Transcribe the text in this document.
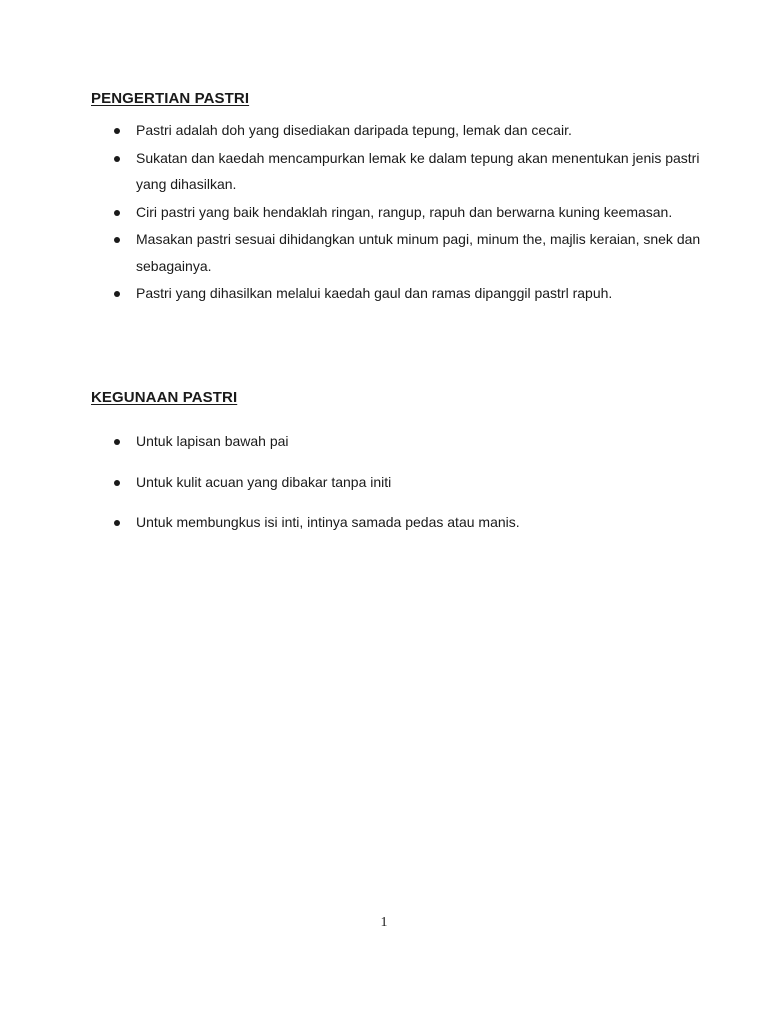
PENGERTIAN PASTRI
Pastri adalah doh yang disediakan daripada tepung, lemak dan cecair.
Sukatan dan kaedah mencampurkan lemak ke dalam tepung akan menentukan jenis pastri yang dihasilkan.
Ciri pastri yang baik hendaklah ringan, rangup, rapuh dan berwarna kuning keemasan.
Masakan pastri sesuai dihidangkan untuk minum pagi, minum the, majlis keraian, snek dan sebagainya.
Pastri yang dihasilkan melalui kaedah gaul dan ramas dipanggil pastrl rapuh.
KEGUNAAN PASTRI
Untuk lapisan bawah pai
Untuk kulit acuan yang dibakar tanpa initi
Untuk membungkus isi inti, intinya samada pedas atau manis.
1
